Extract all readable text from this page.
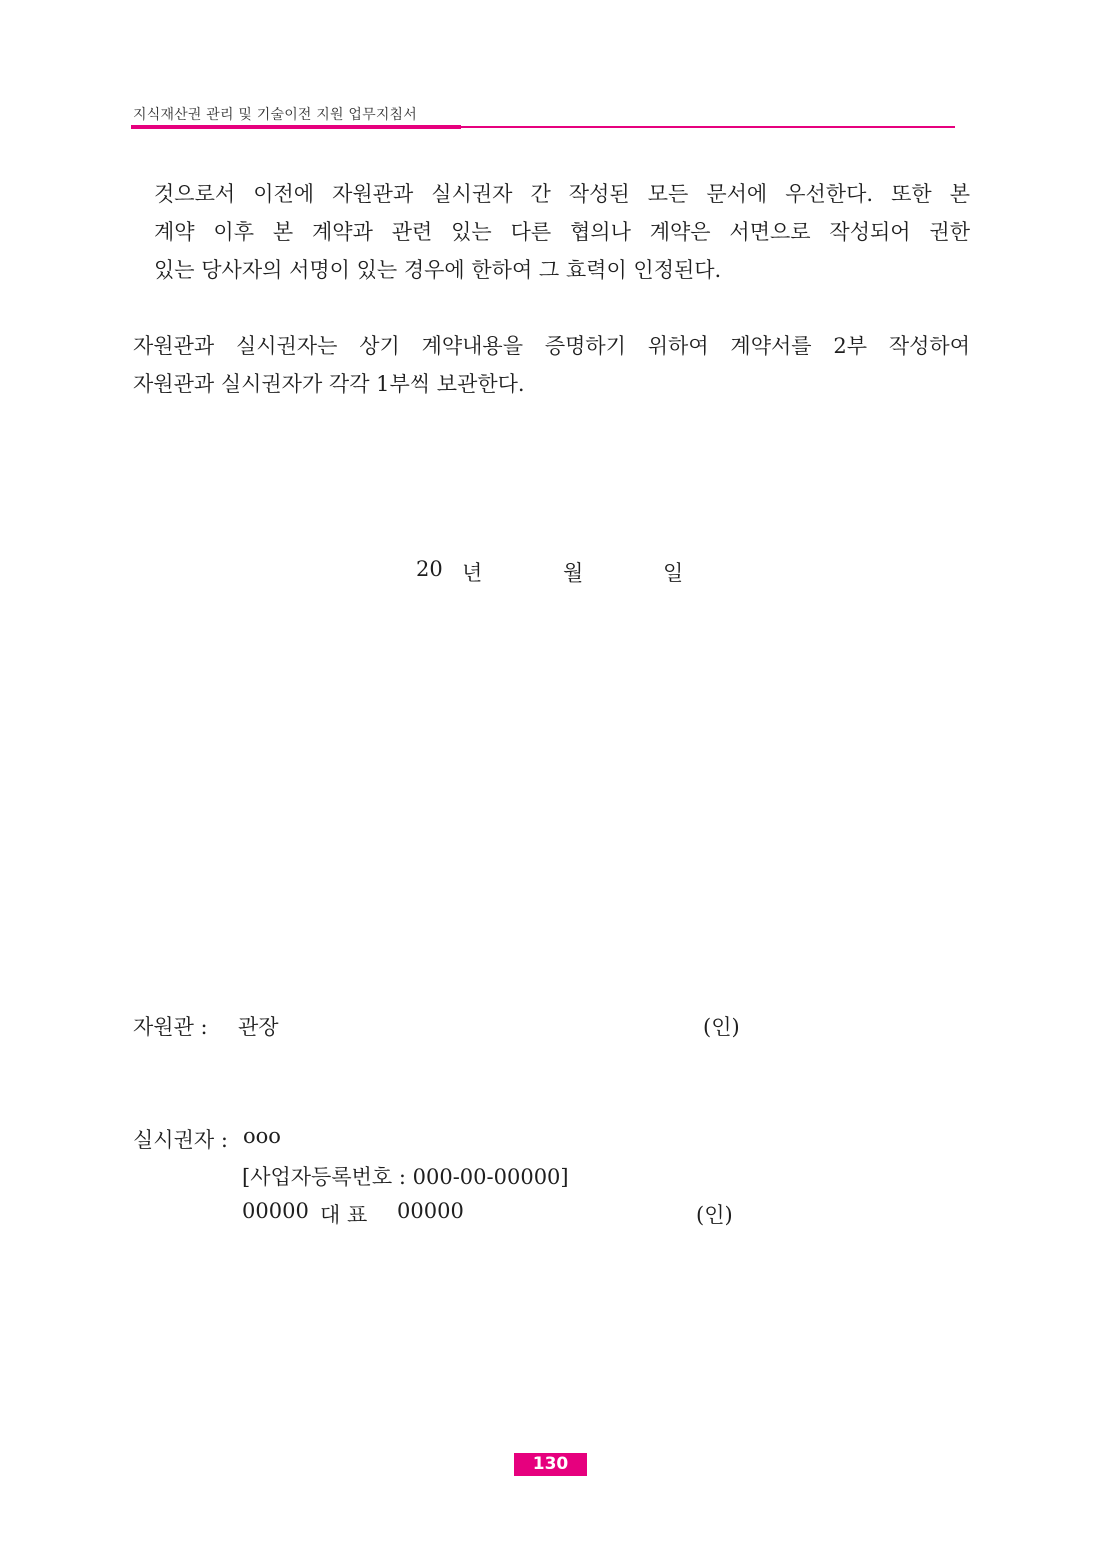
지식재산권 관리 및 기술이전 지원 업무지침서
것으로서 이전에 자원관과 실시권자 간 작성된 모든 문서에 우선한다. 또한 본
계약 이후 본 계약과 관련 있는 다른 협의나 계약은 서면으로 작성되어 권한
있는 당사자의 서명이 있는 경우에 한하여 그 효력이 인정된다.
자원관과 실시권자는 상기 계약내용을 증명하기 위하여 계약서를 2부 작성하여
자원관과 실시권자가 각각 1부씩 보관한다.
20 년	월	일
자원관 : 관장	(인)
실시권자 : ooo
[사업자등록번호 : 000-00-00000]
00000 대 표 00000	(인)
130
